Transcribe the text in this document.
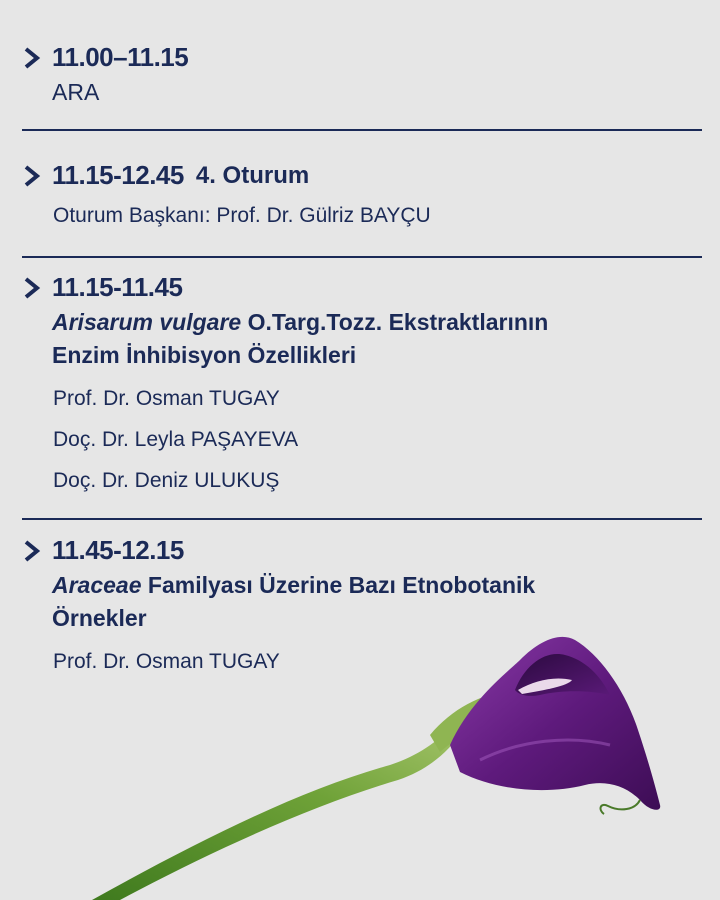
11.00–11.15
ARA
11.15-12.45 4. Oturum
Oturum Başkanı: Prof. Dr. Gülriz BAYÇU
11.15-11.45
Arisarum vulgare O.Targ.Tozz. Ekstraktlarının
Enzim İnhibisyon Özellikleri
Prof. Dr. Osman TUGAY
Doç. Dr. Leyla PAŞAYEVA
Doç. Dr. Deniz ULUKUŞ
11.45-12.15
Araceae Familyası Üzerine Bazı Etnobotanik
Örnekler
Prof. Dr. Osman TUGAY
